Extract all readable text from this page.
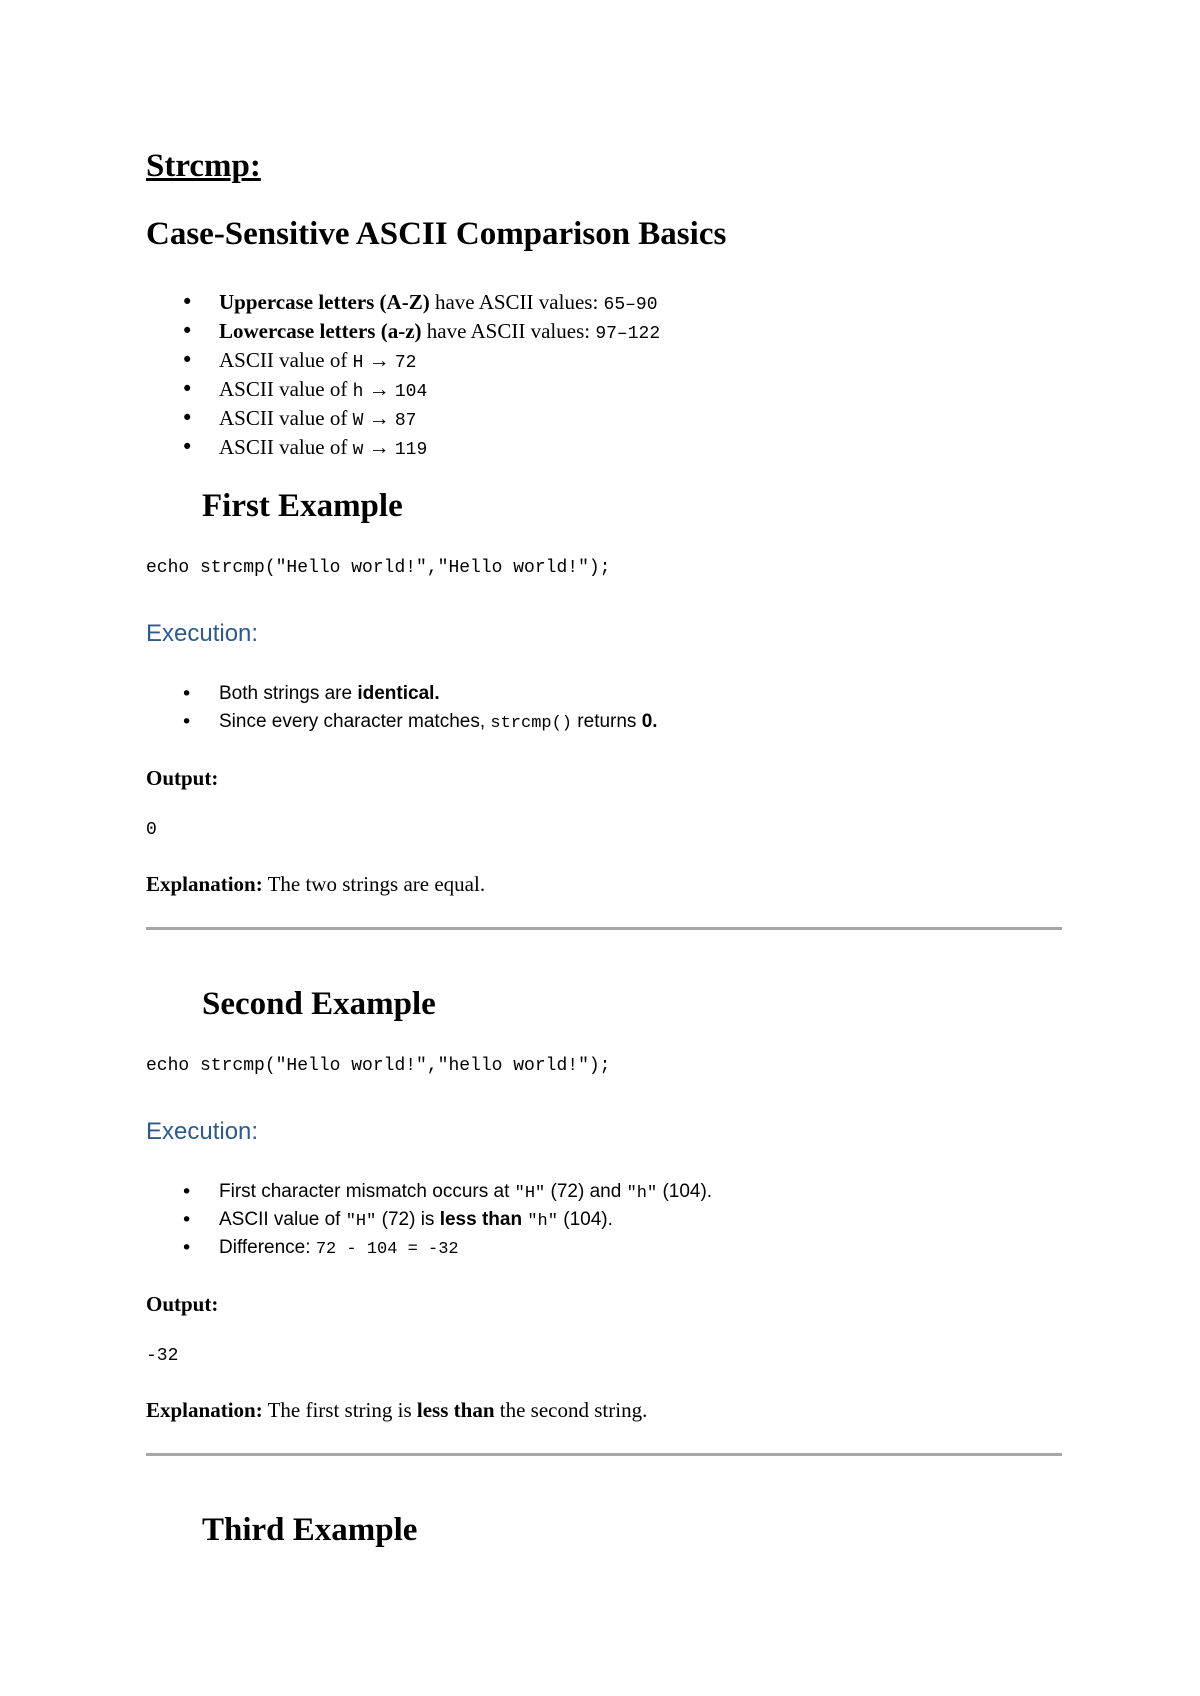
Strcmp:
Case-Sensitive ASCII Comparison Basics
• Uppercase letters (A-Z) have ASCII values: 65–90
• Lowercase letters (a-z) have ASCII values: 97–122
• ASCII value of H → 72
• ASCII value of h → 104
• ASCII value of W → 87
• ASCII value of w → 119
First Example
echo strcmp("Hello world!","Hello world!");
Execution:
• Both strings are identical.
• Since every character matches, strcmp() returns 0.
Output:
0
Explanation: The two strings are equal.
Second Example
echo strcmp("Hello world!","hello world!");
Execution:
• First character mismatch occurs at "H" (72) and "h" (104).
• ASCII value of "H" (72) is less than "h" (104).
• Difference: 72 - 104 = -32
Output:
-32
Explanation: The first string is less than the second string.
Third Example
